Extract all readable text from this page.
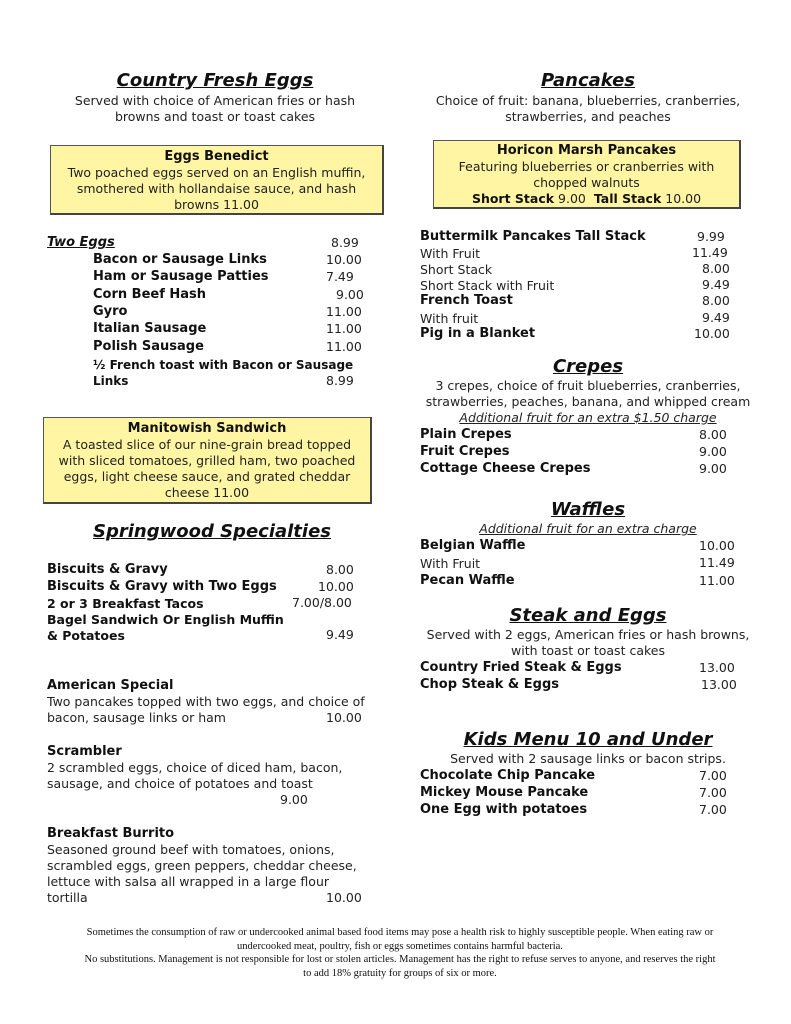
Country Fresh Eggs
Served with choice of American fries or hash
browns and toast or toast cakes
Eggs Benedict
Two poached eggs served on an English muffin,
smothered with hollandaise sauce, and hash
browns 11.00
Two Eggs	8.99
Bacon or Sausage Links	10.00
Ham or Sausage Patties	7.49
Corn Beef Hash	9.00
Gyro	11.00
Italian Sausage	11.00
Polish Sausage	11.00
½ French toast with Bacon or Sausage
Links	8.99
Manitowish Sandwich
A toasted slice of our nine-grain bread topped
with sliced tomatoes, grilled ham, two poached
eggs, light cheese sauce, and grated cheddar
cheese 11.00
Springwood Specialties
Biscuits & Gravy	8.00
Biscuits & Gravy with Two Eggs	10.00
2 or 3 Breakfast Tacos	7.00/8.00
Bagel Sandwich Or English Muffin
& Potatoes	9.49
American Special
Two pancakes topped with two eggs, and choice of
bacon, sausage links or ham	10.00
Scrambler
2 scrambled eggs, choice of diced ham, bacon,
sausage, and choice of potatoes and toast
9.00
Breakfast Burrito
Seasoned ground beef with tomatoes, onions,
scrambled eggs, green peppers, cheddar cheese,
lettuce with salsa all wrapped in a large flour
tortilla	10.00
Pancakes
Choice of fruit: banana, blueberries, cranberries,
strawberries, and peaches
Horicon Marsh Pancakes
Featuring blueberries or cranberries with
chopped walnuts
Short Stack 9.00 Tall Stack 10.00
Buttermilk Pancakes Tall Stack	9.99
With Fruit	11.49
Short Stack	8.00
Short Stack with Fruit	9.49
French Toast	8.00
With fruit	9.49
Pig in a Blanket	10.00
Crepes
3 crepes, choice of fruit blueberries, cranberries,
strawberries, peaches, banana, and whipped cream
Additional fruit for an extra $1.50 charge
Plain Crepes	8.00
Fruit Crepes	9.00
Cottage Cheese Crepes	9.00
Waffles
Additional fruit for an extra charge
Belgian Waffle	10.00
With Fruit	11.49
Pecan Waffle	11.00
Steak and Eggs
Served with 2 eggs, American fries or hash browns,
with toast or toast cakes
Country Fried Steak & Eggs	13.00
Chop Steak & Eggs	13.00
Kids Menu 10 and Under
Served with 2 sausage links or bacon strips.
Chocolate Chip Pancake	7.00
Mickey Mouse Pancake	7.00
One Egg with potatoes	7.00
Sometimes the consumption of raw or undercooked animal based food items may pose a health risk to highly susceptible people. When eating raw or
undercooked meat, poultry, fish or eggs sometimes contains harmful bacteria.
No substitutions. Management is not responsible for lost or stolen articles. Management has the right to refuse serves to anyone, and reserves the right
to add 18% gratuity for groups of six or more.
